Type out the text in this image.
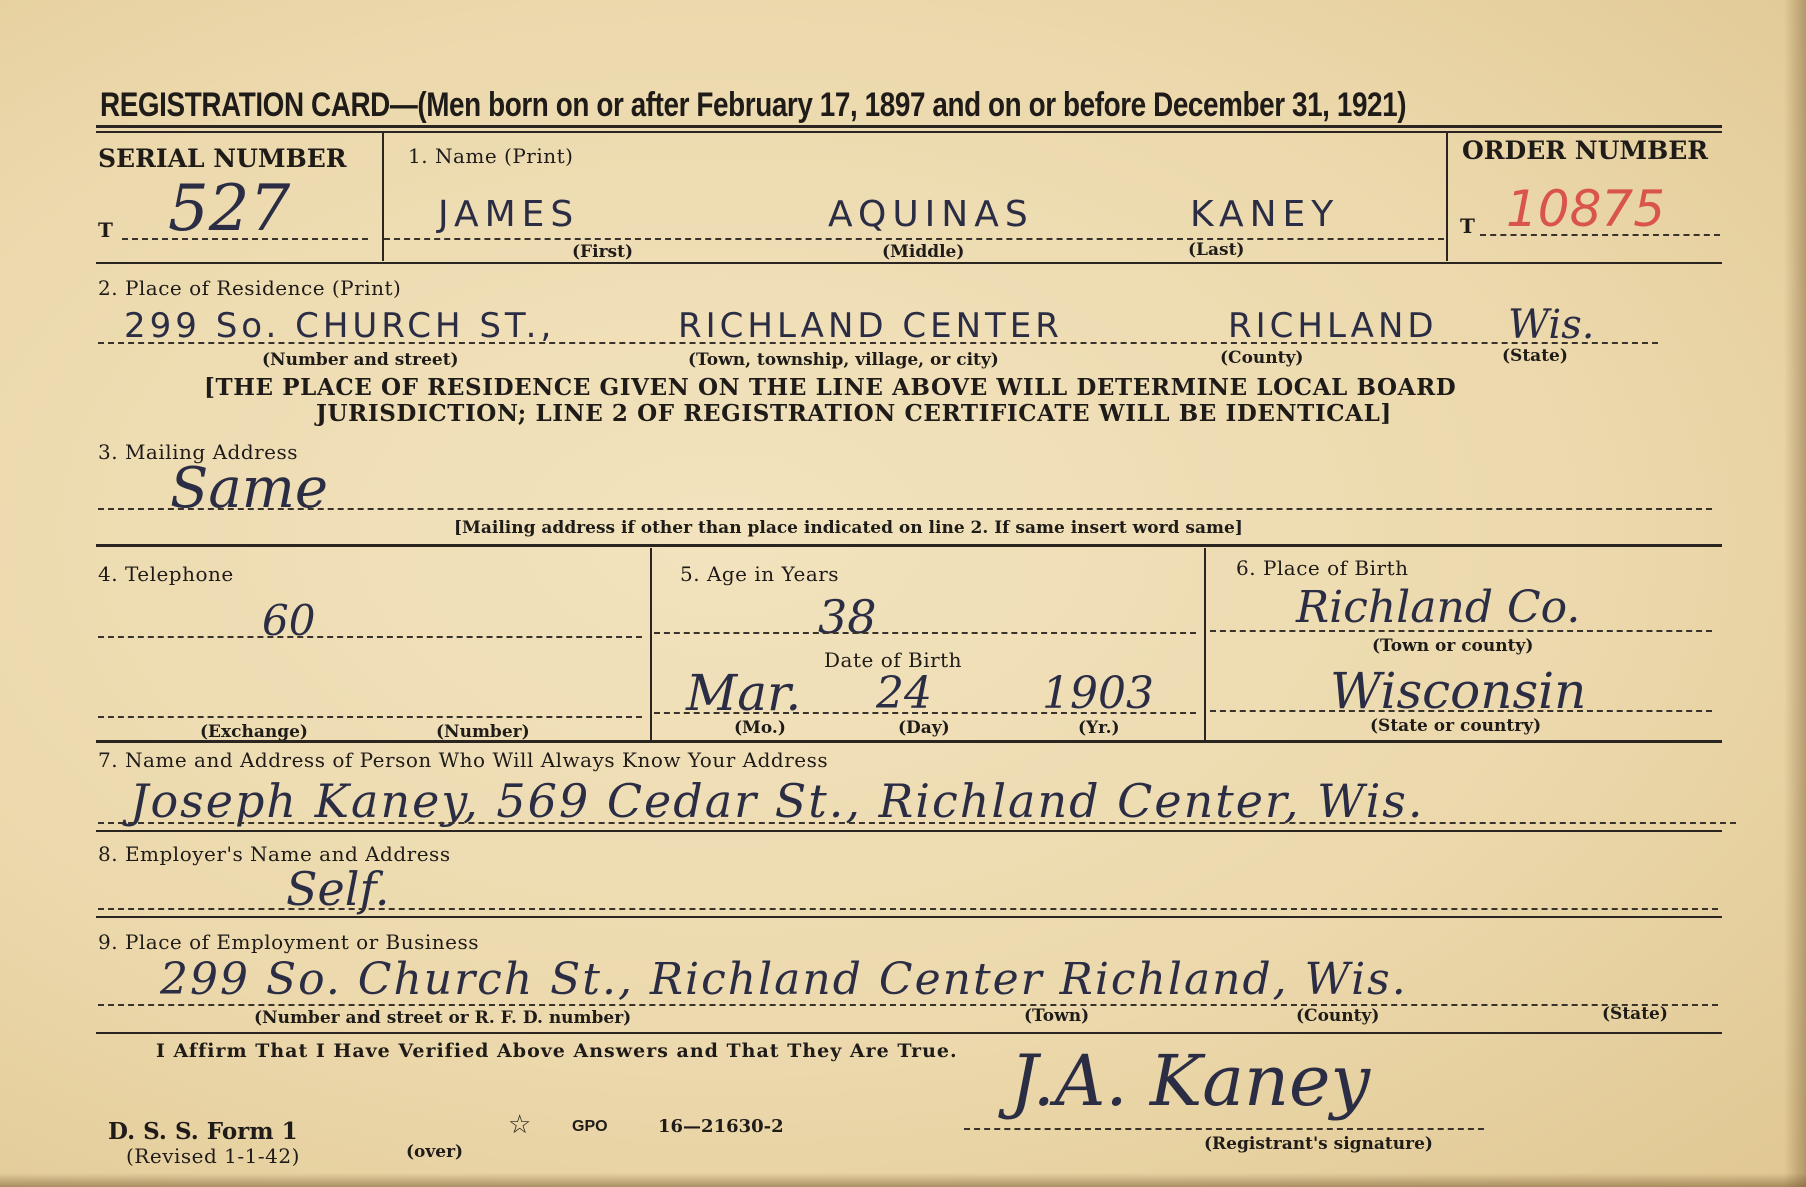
REGISTRATION CARD—(Men born on or after February 17, 1897 and on or before December 31, 1921)
SERIAL NUMBER
T 527
1. Name (Print)
JAMES	AQUINAS	KANEY
(First)	(Middle)	(Last)
ORDER NUMBER
T 10875
2. Place of Residence (Print)
299 So. CHURCH ST.,	RICHLAND CENTER	RICHLAND Wis.
(Number and street)	(Town, township, village, or city)	(County)	(State)
[THE PLACE OF RESIDENCE GIVEN ON THE LINE ABOVE WILL DETERMINE LOCAL BOARD
JURISDICTION; LINE 2 OF REGISTRATION CERTIFICATE WILL BE IDENTICAL]
3. Mailing Address
Same
[Mailing address if other than place indicated on line 2. If same insert word same]
4. Telephone
60
(Exchange)	(Number)
5. Age in Years
38
Date of Birth
Mar. 24	1903
(Mo.)	(Day)	(Yr.)
6. Place of Birth
Richland Co.
(Town or county)
Wisconsin
(State or country)
7. Name and Address of Person Who Will Always Know Your Address
Joseph Kaney, 569 Cedar St., Richland Center, Wis.
8. Employer's Name and Address
Self.
9. Place of Employment or Business
299 So. Church St., Richland Center Richland, Wis.
(Number and street or R. F. D. number)	(Town)	(County)	(State)
I Affirm That I Have Verified Above Answers and That They Are True. J.A. Kaney
(Registrant's signature)
D. S. S. Form 1
(Revised 1-1-42)	(over)
☆	GPO	16—21630-2
